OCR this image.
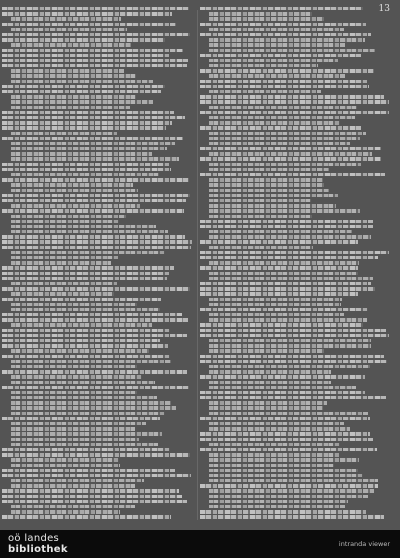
13
oö landes
bibliothek	intranda viewer
